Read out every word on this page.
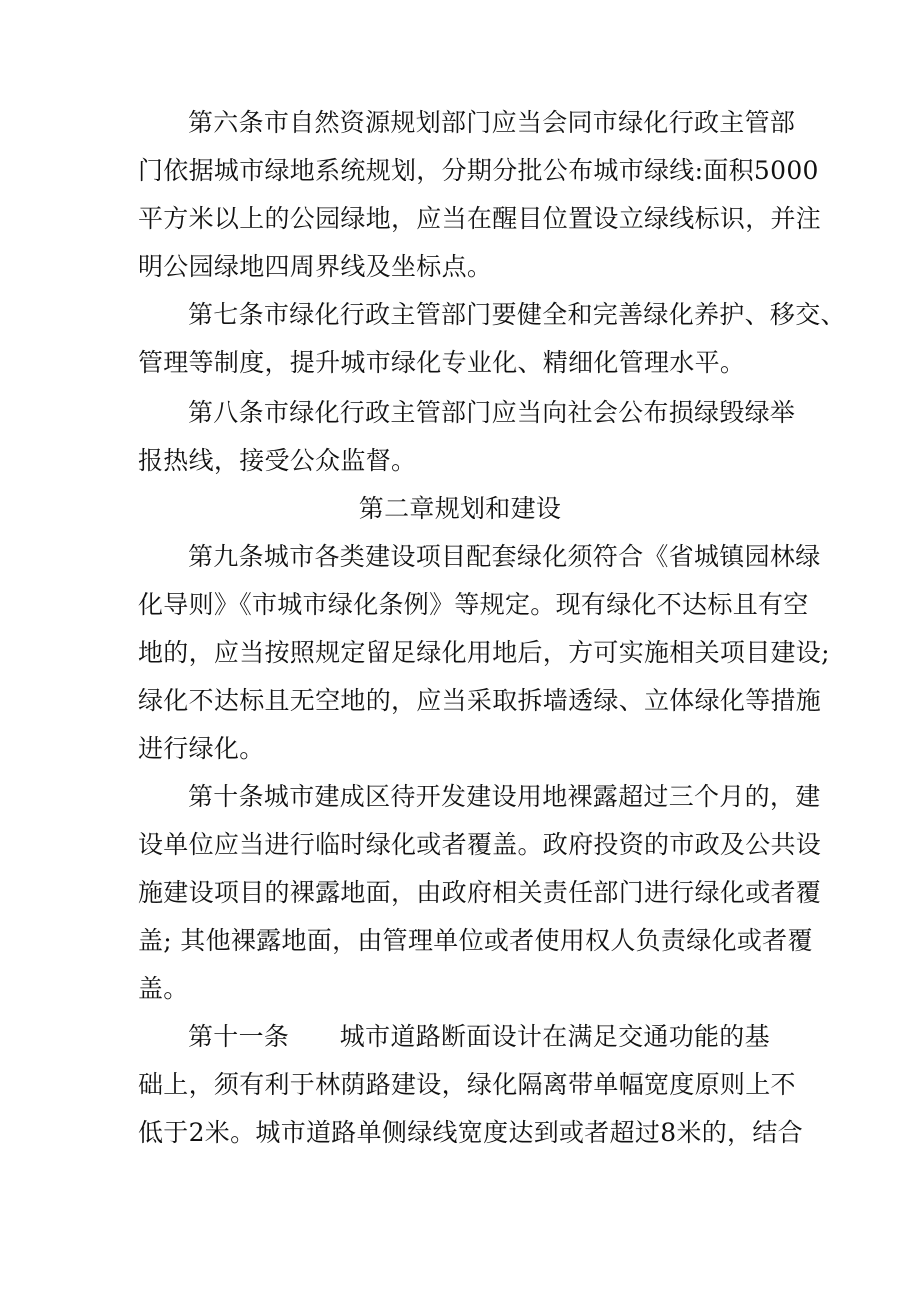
第六条市自然资源规划部门应当会同市绿化行政主管部
门依据城市绿地系统规划，分期分批公布城市绿线:面积5000
平方米以上的公园绿地，应当在醒目位置设立绿线标识，并注
明公园绿地四周界线及坐标点。
第七条市绿化行政主管部门要健全和完善绿化养护、移交、
管理等制度，提升城市绿化专业化、精细化管理水平。
第八条市绿化行政主管部门应当向社会公布损绿毁绿举
报热线，接受公众监督。
第二章规划和建设
第九条城市各类建设项目配套绿化须符合《省城镇园林绿
化导则》《市城市绿化条例》等规定。现有绿化不达标且有空
地的，应当按照规定留足绿化用地后，方可实施相关项目建设;
绿化不达标且无空地的，应当采取拆墙透绿、立体绿化等措施
进行绿化。
第十条城市建成区待开发建设用地裸露超过三个月的，建
设单位应当进行临时绿化或者覆盖。政府投资的市政及公共设
施建设项目的裸露地面，由政府相关责任部门进行绿化或者覆
盖; 其他裸露地面，由管理单位或者使用权人负责绿化或者覆
盖。
第十一条　　城市道路断面设计在满足交通功能的基
础上，须有利于林荫路建设，绿化隔离带单幅宽度原则上不
低于2米。城市道路单侧绿线宽度达到或者超过8米的，结合
